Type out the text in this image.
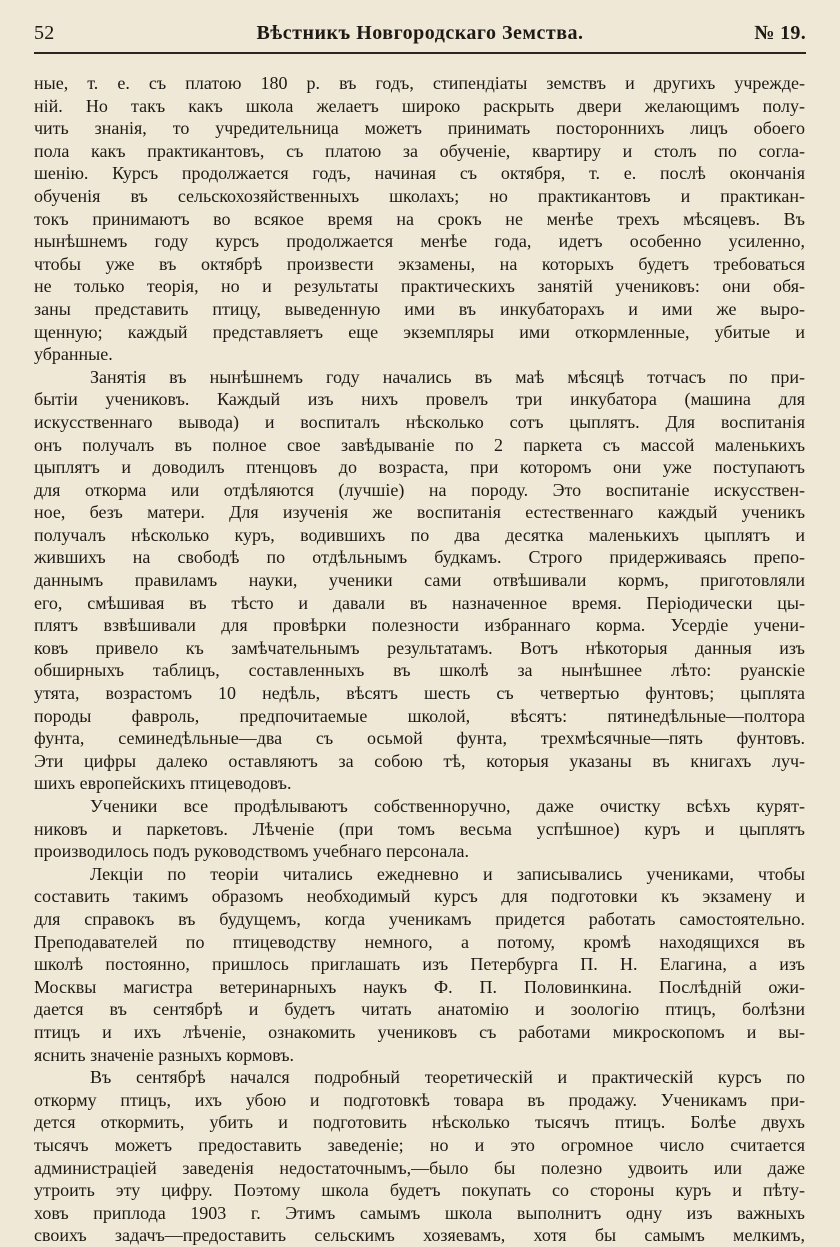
52	Вѣстникъ Новгородскаго Земства.	№ 19.
ные, т. е. съ платою 180 р. въ годъ, стипендіаты земствъ и другихъ учрежде-
ній. Но такъ какъ школа желаетъ широко раскрыть двери желающимъ полу-
чить знанія, то учредительница можетъ принимать постороннихъ лицъ обоего
пола какъ практикантовъ, съ платою за обученіе, квартиру и столъ по согла-
шенію. Курсъ продолжается годъ, начиная съ октября, т. е. послѣ окончанія
обученія въ сельскохозяйственныхъ школахъ; но практикантовъ и практикан-
токъ принимаютъ во всякое время на срокъ не менѣе трехъ мѣсяцевъ. Въ
нынѣшнемъ году курсъ продолжается менѣе года, идетъ особенно усиленно,
чтобы уже въ октябрѣ произвести экзамены, на которыхъ будетъ требоваться
не только теорія, но и результаты практическихъ занятій учениковъ: они обя-
заны представить птицу, выведенную ими въ инкубаторахъ и ими же выро-
щенную; каждый представляетъ еще экземпляры ими откормленные, убитые и
убранные.
Занятія въ нынѣшнемъ году начались въ маѣ мѣсяцѣ тотчасъ по при-
бытіи учениковъ. Каждый изъ нихъ провелъ три инкубатора (машина для
искусственнаго вывода) и воспиталъ нѣсколько сотъ цыплятъ. Для воспитанія
онъ получалъ въ полное свое завѣдываніе по 2 паркета съ массой маленькихъ
цыплятъ и доводилъ птенцовъ до возраста, при которомъ они уже поступаютъ
для откорма или отдѣляются (лучшіе) на породу. Это воспитаніе искусствен-
ное, безъ матери. Для изученія же воспитанія естественнаго каждый ученикъ
получалъ нѣсколько куръ, водившихъ по два десятка маленькихъ цыплятъ и
жившихъ на свободѣ по отдѣльнымъ будкамъ. Строго придерживаясь препо-
даннымъ правиламъ науки, ученики сами отвѣшивали кормъ, приготовляли
его, смѣшивая въ тѣсто и давали въ назначенное время. Періодически цы-
плятъ взвѣшивали для провѣрки полезности избраннаго корма. Усердіе учени-
ковъ привело къ замѣчательнымъ результатамъ. Вотъ нѣкоторыя данныя изъ
обширныхъ таблицъ, составленныхъ въ школѣ за нынѣшнее лѣто: руанскіе
утята, возрастомъ 10 недѣль, вѣсятъ шесть съ четвертью фунтовъ; цыплята
породы фавроль, предпочитаемые школой, вѣсятъ: пятинедѣльные—полтора
фунта, семинедѣльные—два съ осьмой фунта, трехмѣсячные—пять фунтовъ.
Эти цифры далеко оставляютъ за собою тѣ, которыя указаны въ книгахъ луч-
шихъ европейскихъ птицеводовъ.
Ученики все продѣлываютъ собственноручно, даже очистку всѣхъ курят-
никовъ и паркетовъ. Лѣченіе (при томъ весьма успѣшное) куръ и цыплятъ
производилось подъ руководствомъ учебнаго персонала.
Лекціи по теоріи читались ежедневно и записывались учениками, чтобы
составить такимъ образомъ необходимый курсъ для подготовки къ экзамену и
для справокъ въ будущемъ, когда ученикамъ придется работать самостоятельно.
Преподавателей по птицеводству немного, а потому, кромѣ находящихся въ
школѣ постоянно, пришлось приглашать изъ Петербурга П. Н. Елагина, а изъ
Москвы магистра ветеринарныхъ наукъ Ф. П. Половинкина. Послѣдній ожи-
дается въ сентябрѣ и будетъ читать анатомію и зоологію птицъ, болѣзни
птицъ и ихъ лѣченіе, ознакомить учениковъ съ работами микроскопомъ и вы-
яснить значеніе разныхъ кормовъ.
Въ сентябрѣ начался подробный теоретическій и практическій курсъ по
откорму птицъ, ихъ убою и подготовкѣ товара въ продажу. Ученикамъ при-
дется откормить, убить и подготовить нѣсколько тысячъ птицъ. Болѣе двухъ
тысячъ можетъ предоставить заведеніе; но и это огромное число считается
администраціей заведенія недостаточнымъ,—было бы полезно удвоить или даже
утроить эту цифру. Поэтому школа будетъ покупать со стороны куръ и пѣту-
ховъ приплода 1903 г. Этимъ самымъ школа выполнитъ одну изъ важныхъ
своихъ задачъ—предоставить сельскимъ хозяевамъ, хотя бы самымъ мелкимъ,
